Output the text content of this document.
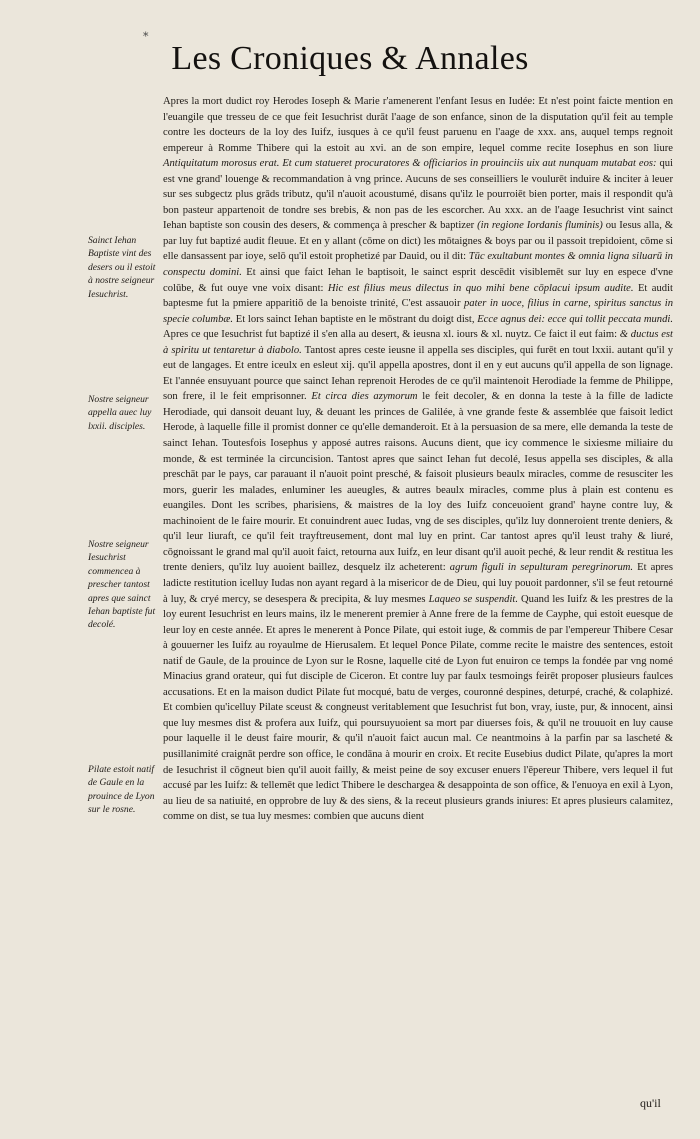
*
Les Croniques & Annales
Sainct Iehan Baptiste vint des desers ou il estoit à nostre seigneur Iesuchrist.
Nostre seigneur appella auec luy lxxii. disciples.
Nostre seigneur Iesuchrist commencea à prescher tantost apres que sainct Iehan baptiste fut decolé.
Pilate estoit natif de Gaule en la prouince de Lyon sur le rosne.

Apres la mort dudict roy Herodes Ioseph & Marie r'amenerent l'enfant Iesus en Iudée: Et n'est point faicte mention en l'euangile que tresseu de ce que feit Iesuchrist durāt l'aage de son enfance, sinon de la disputation qu'il feit au temple contre les docteurs de la loy des Iuifz, iusques à ce qu'il feust paruenu en l'aage de xxx. ans, auquel temps regnoit empereur à Romme Thibere qui la estoit au xvi. an de son empire, lequel comme recite Iosephus en son liure Antiquitatum morosus erat. Et cum statueret procuratores & officiarios in prouinciis uix aut nunquam mutabat eos: qui est vne grand' louenge & recommandation à vng prince. Aucuns de ses conseilliers le voulurēt induire & inciter à leuer sur ses subgectz plus grāds tributz, qu'il n'auoit acoustumé, disans qu'ilz le pourroiēt bien porter, mais il respondit qu'à bon pasteur appartenoit de tondre ses brebis, & non pas de les escorcher. Au xxx. an de l'aage Iesuchrist vint sainct Iehan baptiste son cousin des desers, & commença à prescher & baptizer (in regione Iordanis fluminis) ou Iesus alla, & par luy fut baptizé audit fleuue. Et en y allant (cōme on dict) les mōtaignes & boys par ou il passoit trepidoient, cōme si elle dansassent par ioye, selō qu'il estoit prophetizé par Dauid, ou il dit: Tūc exultabunt montes & omnia ligna siluarū in conspectu domini. Et ainsi que faict Iehan le baptisoit, le sainct esprit descēdit visiblemēt sur luy en espece d'vne colūbe, & fut ouye vne voix disant: Hic est filius meus dilectus in quo mihi bene cōplacui ipsum audite. Et audit baptesme fut la pmiere apparitiō de la benoiste trinité, C'est assauoir pater in uoce, filius in carne, spiritus sanctus in specie columbæ. Et lors sainct Iehan baptiste en le mōstrant du doigt dist, Ecce agnus dei: ecce qui tollit peccata mundi. Apres ce que Iesuchrist fut baptizé il s'en alla au desert, & ieusna xl. iours & xl. nuytz. Ce faict il eut faim: & ductus est à spiritu ut tentaretur à diabolo. Tantost apres ceste ieusne il appella ses disciples, qui furēt en tout lxxii. autant qu'il y eut de langages. Et entre iceulx en esleut xij. qu'il appella apostres, dont il en y eut aucuns qu'il appella de son lignage. Et l'année ensuyuant pource que sainct Iehan reprenoit Herodes de ce qu'il maintenoit Herodiade la femme de Philippe, son frere, il le feit emprisonner. Et circa dies azymorum le feit decoler, & en donna la teste à la fille de ladicte Herodiade, qui dansoit deuant luy, & deuant les princes de Galilée, à vne grande feste & assemblée que faisoit ledict Herode, à laquelle fille il promist donner ce qu'elle demanderoit. Et à la persuasion de sa mere, elle demanda la teste de sainct Iehan. Toutesfois Iosephus y apposé autres raisons. Aucuns dient, que icy commence le sixiesme miliaire du monde, & est terminée la circuncision. Tantost apres que sainct Iehan fut decolé, Iesus appella ses disciples, & alla preschāt par le pays, car parauant il n'auoit point presché, & faisoit plusieurs beaulx miracles, comme de resusciter les mors, guerir les malades, enluminer les aueugles, & autres beaulx miracles, comme plus à plain est contenu es euangiles. Dont les scribes, pharisiens, & maistres de la loy des Iuifz conceuoient grand' hayne contre luy, & machinoient de le faire mourir. Et conuindrent auec Iudas, vng de ses disciples, qu'ilz luy donneroient trente deniers, & qu'il leur liuraft, ce qu'il feit trayftreusement, dont mal luy en print. Car tantost apres qu'il leust trahy & liuré, cōgnoissant le grand mal qu'il auoit faict, retourna aux Iuifz, en leur disant qu'il auoit peché, & leur rendit & restitua les trente deniers, qu'ilz luy auoient baillez, desquelz ilz acheterent: agrum figuli in sepulturam peregrinorum. Et apres ladicte restitution icelluy Iudas non ayant regard à la misericor de de Dieu, qui luy pouoit pardonner, s'il se feut retourné à luy, & cryé mercy, se desespera & precipita, & luy mesmes Laqueo se suspendit. Quand les Iuifz & les prestres de la loy eurent Iesuchrist en leurs mains, ilz le menerent premier à Anne frere de la femme de Cayphe, qui estoit euesque de leur loy en ceste année. Et apres le menerent à Ponce Pilate, qui estoit iuge, & commis de par l'empereur Thibere Cesar à gouuerner les Iuifz au royaulme de Hierusalem. Et lequel Ponce Pilate, comme recite le maistre des sentences, estoit natif de Gaule, de la prouince de Lyon sur le Rosne, laquelle cité de Lyon fut enuiron ce temps la fondée par vng nomé Minacius grand orateur, qui fut disciple de Ciceron. Et contre luy par faulx tesmoings feirēt proposer plusieurs faulces accusations. Et en la maison dudict Pilate fut mocqué, batu de verges, couronné despines, deturpé, craché, & colaphizé. Et combien qu'icelluy Pilate sceust & congneust veritablement que Iesuchrist fut bon, vray, iuste, pur, & innocent, ainsi que luy mesmes dist & profera aux Iuifz, qui poursuyuoient sa mort par diuerses fois, & qu'il ne trouuoit en luy cause pour laquelle il le deust faire mourir, & qu'il n'auoit faict aucun mal. Ce neantmoins à la parfin par sa lascheté & pusillanimité craignāt perdre son office, le condāna à mourir en croix. Et recite Eusebius dudict Pilate, qu'apres la mort de Iesuchrist il cōgneut bien qu'il auoit failly, & meist peine de soy excuser enuers l'ēpereur Thibere, vers lequel il fut accusé par les Iuifz: & tellemēt que ledict Thibere le deschargea & desappointa de son office, & l'enuoya en exil à Lyon, au lieu de sa natiuité, en opprobre de luy & des siens, & la receut plusieurs grands iniures: Et apres plusieurs calamitez, comme on dist, se tua luy mesmes: combien que aucuns dient

qu'il
